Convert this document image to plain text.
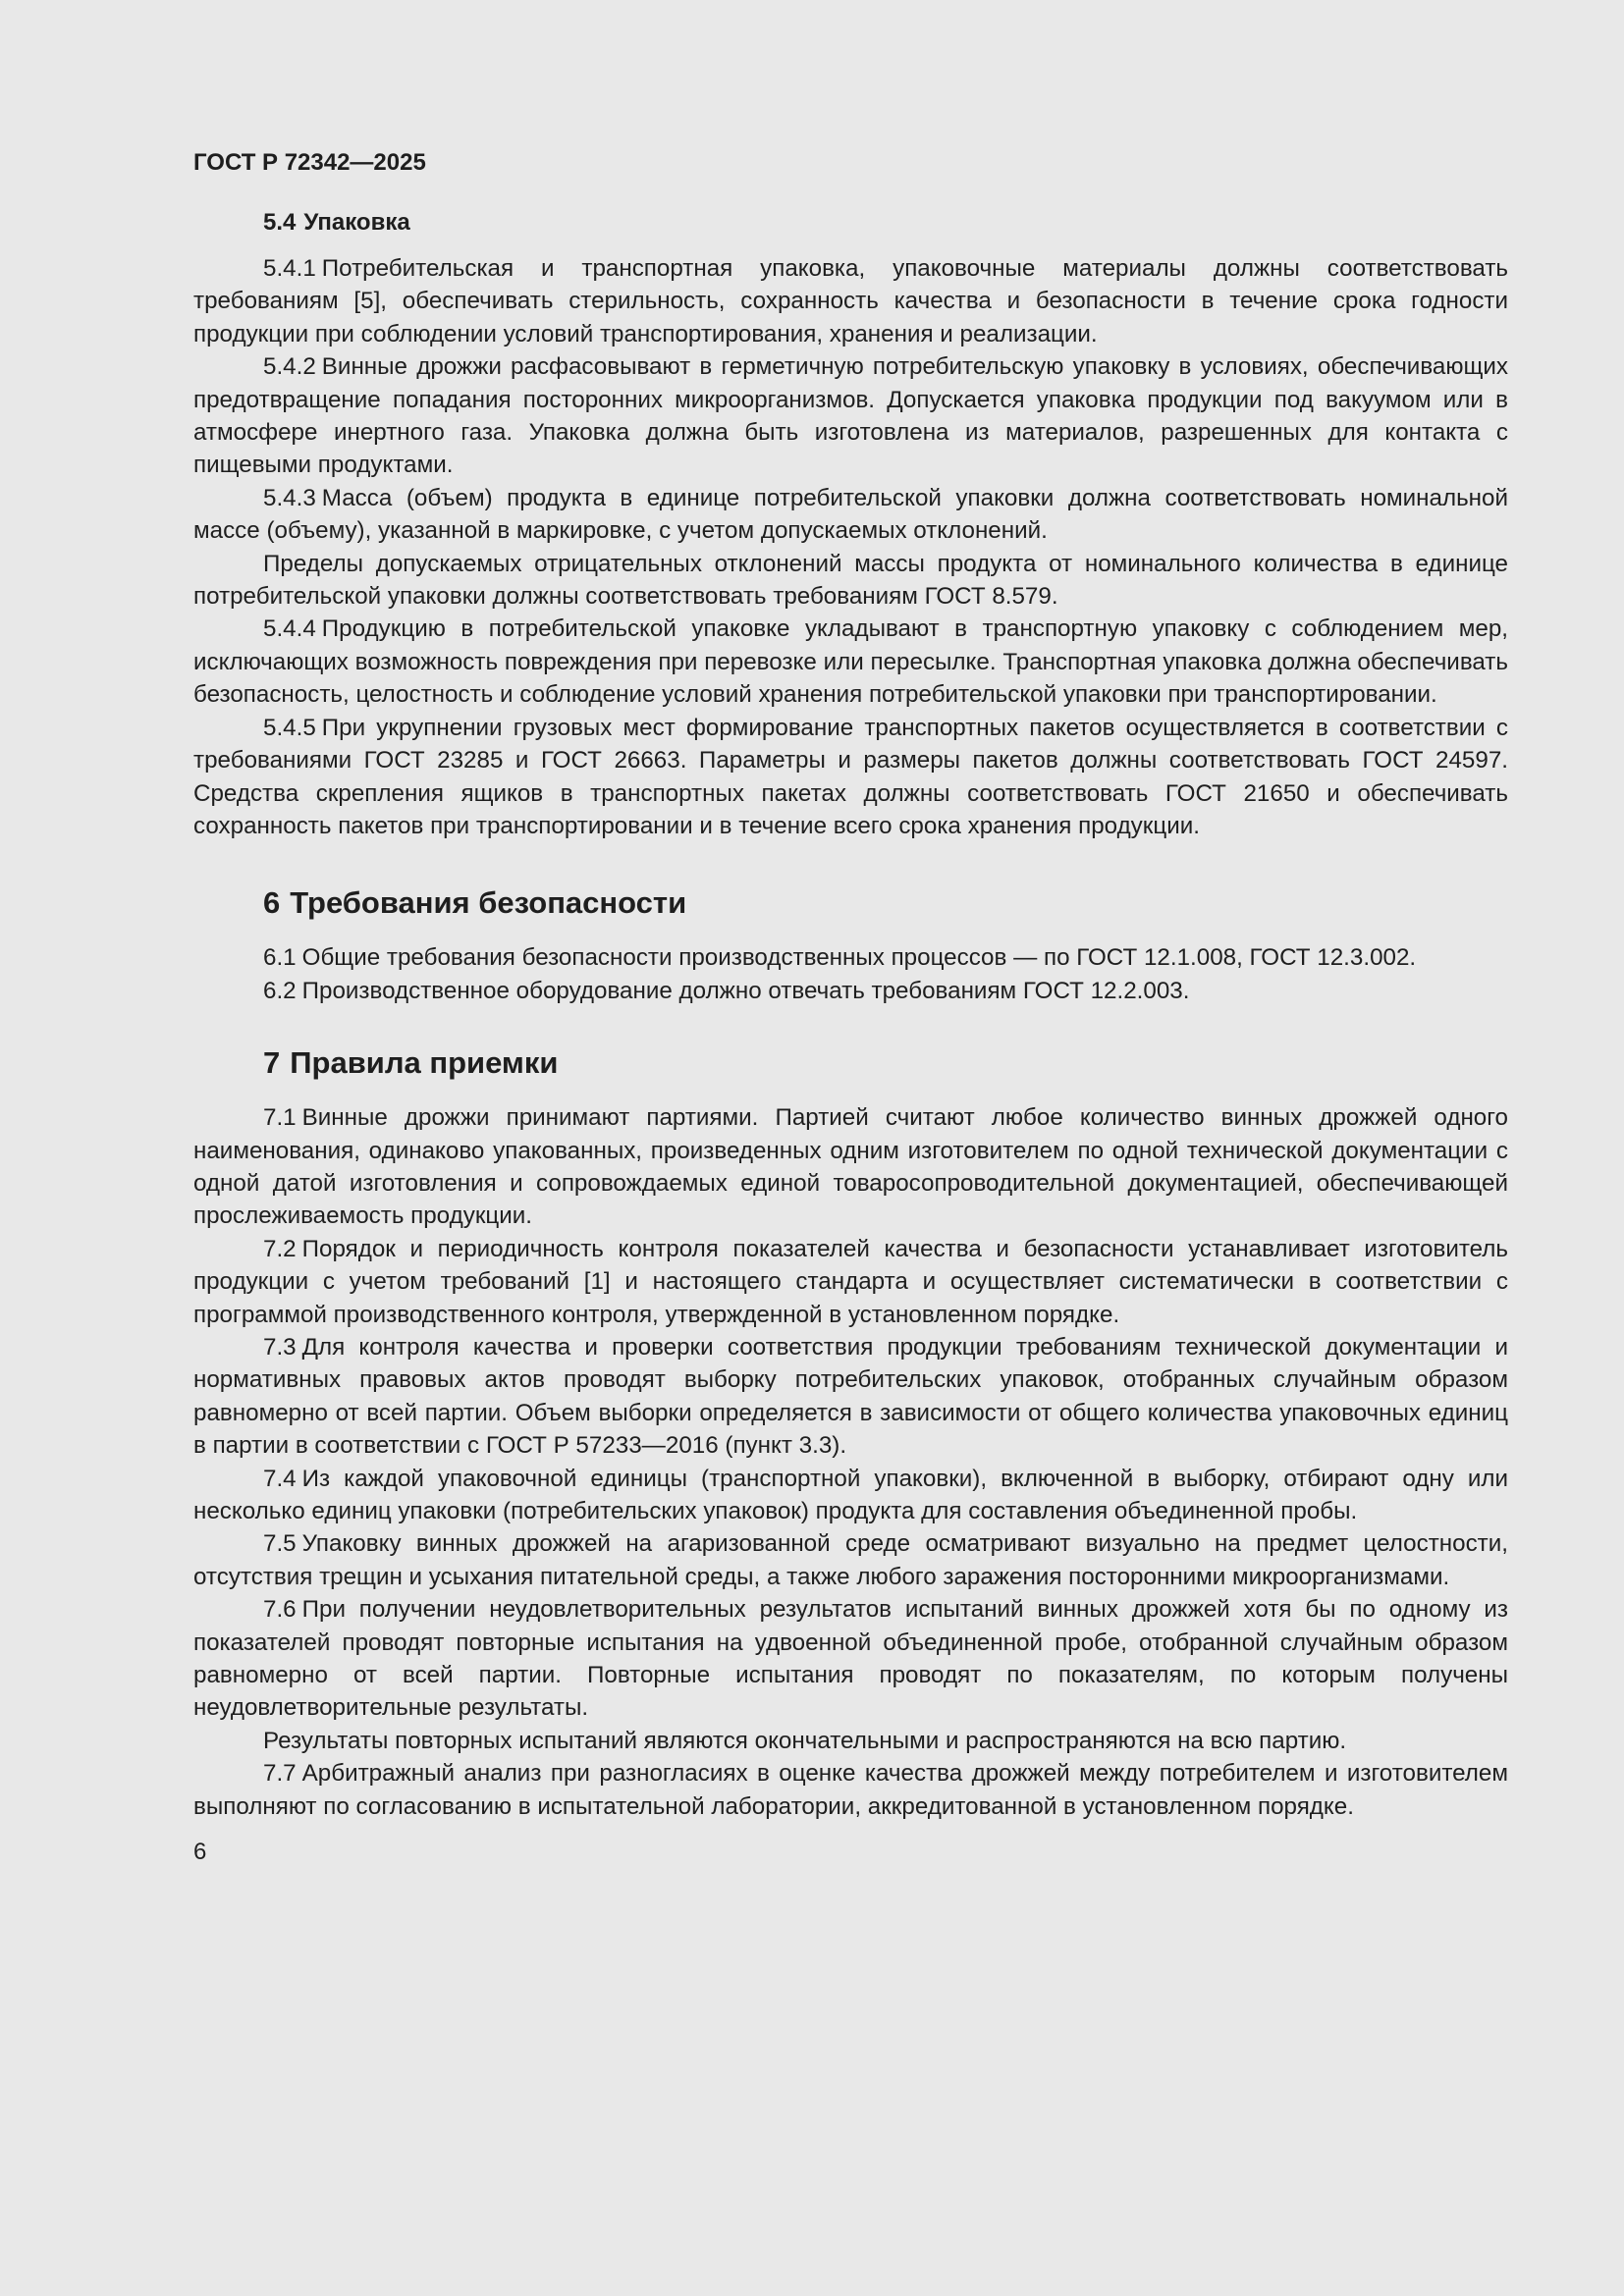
ГОСТ Р 72342—2025
5.4 Упаковка

5.4.1 Потребительская и транспортная упаковка, упаковочные материалы должны соответствовать требованиям [5], обеспечивать стерильность, сохранность качества и безопасности в течение срока годности продукции при соблюдении условий транспортирования, хранения и реализации.

5.4.2 Винные дрожжи расфасовывают в герметичную потребительскую упаковку в условиях, обеспечивающих предотвращение попадания посторонних микроорганизмов. Допускается упаковка продукции под вакуумом или в атмосфере инертного газа. Упаковка должна быть изготовлена из материалов, разрешенных для контакта с пищевыми продуктами.

5.4.3 Масса (объем) продукта в единице потребительской упаковки должна соответствовать номинальной массе (объему), указанной в маркировке, с учетом допускаемых отклонений.

Пределы допускаемых отрицательных отклонений массы продукта от номинального количества в единице потребительской упаковки должны соответствовать требованиям ГОСТ 8.579.

5.4.4 Продукцию в потребительской упаковке укладывают в транспортную упаковку с соблюдением мер, исключающих возможность повреждения при перевозке или пересылке. Транспортная упаковка должна обеспечивать безопасность, целостность и соблюдение условий хранения потребительской упаковки при транспортировании.

5.4.5 При укрупнении грузовых мест формирование транспортных пакетов осуществляется в соответствии с требованиями ГОСТ 23285 и ГОСТ 26663. Параметры и размеры пакетов должны соответствовать ГОСТ 24597. Средства скрепления ящиков в транспортных пакетах должны соответствовать ГОСТ 21650 и обеспечивать сохранность пакетов при транспортировании и в течение всего срока хранения продукции.

6 Требования безопасности

6.1 Общие требования безопасности производственных процессов — по ГОСТ 12.1.008, ГОСТ 12.3.002.

6.2 Производственное оборудование должно отвечать требованиям ГОСТ 12.2.003.

7 Правила приемки

7.1 Винные дрожжи принимают партиями. Партией считают любое количество винных дрожжей одного наименования, одинаково упакованных, произведенных одним изготовителем по одной технической документации с одной датой изготовления и сопровождаемых единой товаросопроводительной документацией, обеспечивающей прослеживаемость продукции.

7.2 Порядок и периодичность контроля показателей качества и безопасности устанавливает изготовитель продукции с учетом требований [1] и настоящего стандарта и осуществляет систематически в соответствии с программой производственного контроля, утвержденной в установленном порядке.

7.3 Для контроля качества и проверки соответствия продукции требованиям технической документации и нормативных правовых актов проводят выборку потребительских упаковок, отобранных случайным образом равномерно от всей партии. Объем выборки определяется в зависимости от общего количества упаковочных единиц в партии в соответствии с ГОСТ Р 57233—2016 (пункт 3.3).

7.4 Из каждой упаковочной единицы (транспортной упаковки), включенной в выборку, отбирают одну или несколько единиц упаковки (потребительских упаковок) продукта для составления объединенной пробы.

7.5 Упаковку винных дрожжей на агаризованной среде осматривают визуально на предмет целостности, отсутствия трещин и усыхания питательной среды, а также любого заражения посторонними микроорганизмами.

7.6 При получении неудовлетворительных результатов испытаний винных дрожжей хотя бы по одному из показателей проводят повторные испытания на удвоенной объединенной пробе, отобранной случайным образом равномерно от всей партии. Повторные испытания проводят по показателям, по которым получены неудовлетворительные результаты.

Результаты повторных испытаний являются окончательными и распространяются на всю партию.

7.7 Арбитражный анализ при разногласиях в оценке качества дрожжей между потребителем и изготовителем выполняют по согласованию в испытательной лаборатории, аккредитованной в установленном порядке.

6
